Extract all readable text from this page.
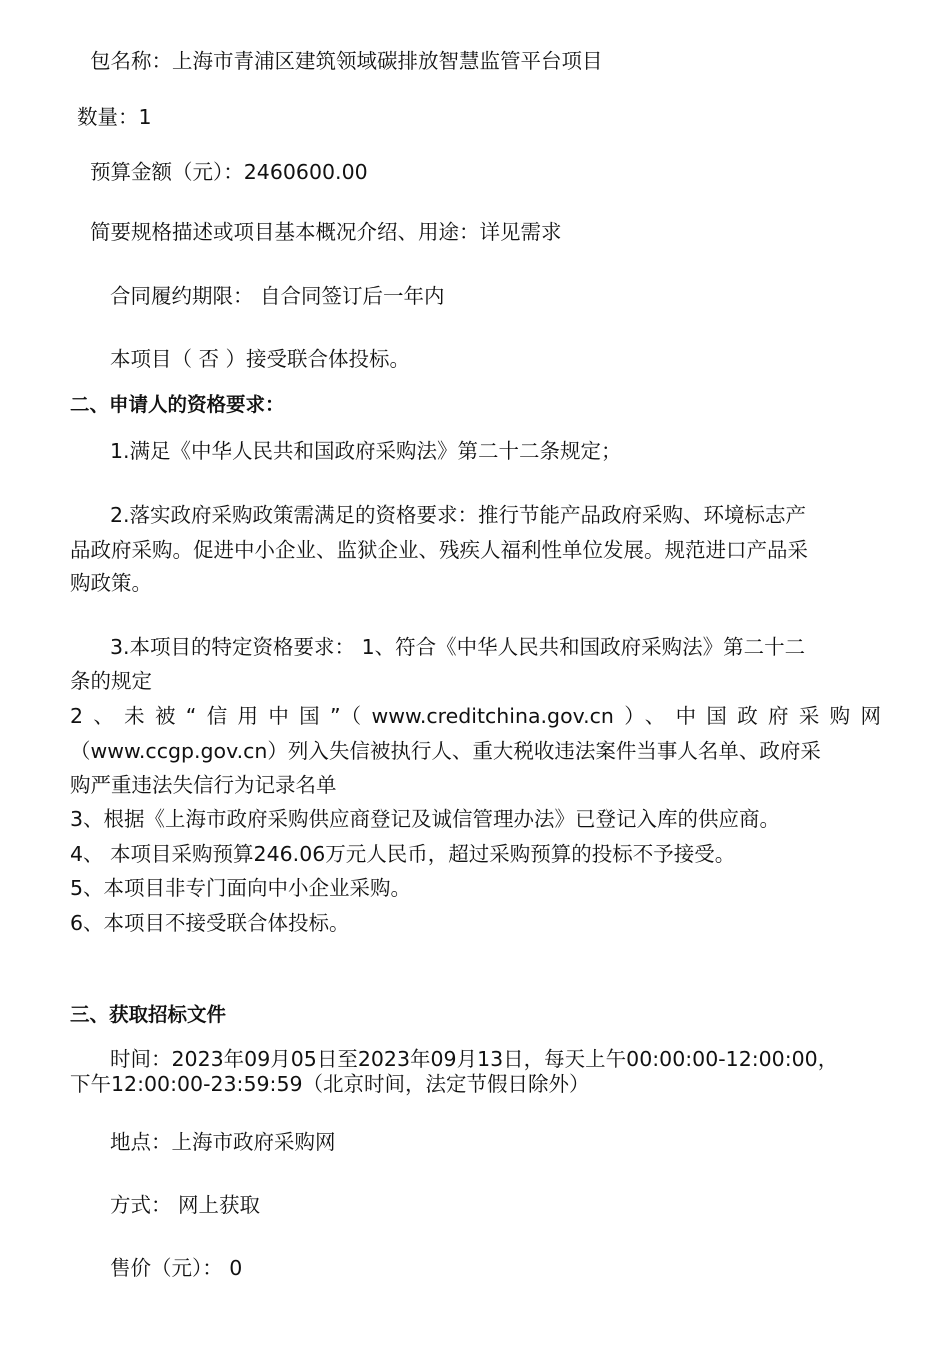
包名称：上海市青浦区建筑领域碳排放智慧监管平台项目
数量：1
预算金额（元）：2460600.00
简要规格描述或项目基本概况介绍、用途：详见需求
合同履约期限： 自合同签订后一年内
本项目（ 否 ）接受联合体投标。
二、申请人的资格要求：
1.满足《中华人民共和国政府采购法》第二十二条规定；
2.落实政府采购政策需满足的资格要求：推行节能产品政府采购、环境标志产
品政府采购。促进中小企业、监狱企业、残疾人福利性单位发展。规范进口产品采
购政策。
3.本项目的特定资格要求： 1、符合《中华人民共和国政府采购法》第二十二
条的规定
2、未被“信用中国”（www.creditchina.gov.cn）、中国政府采购网
（www.ccgp.gov.cn）列入失信被执行人、重大税收违法案件当事人名单、政府采
购严重违法失信行为记录名单
3、根据《上海市政府采购供应商登记及诚信管理办法》已登记入库的供应商。
4、 本项目采购预算246.06万元人民币，超过采购预算的投标不予接受。
5、本项目非专门面向中小企业采购。
6、本项目不接受联合体投标。
三、获取招标文件
时间：2023年09月05日至2023年09月13日，每天上午00:00:00-12:00:00，
下午12:00:00-23:59:59（北京时间，法定节假日除外）
地点：上海市政府采购网
方式： 网上获取
售价（元）： 0
